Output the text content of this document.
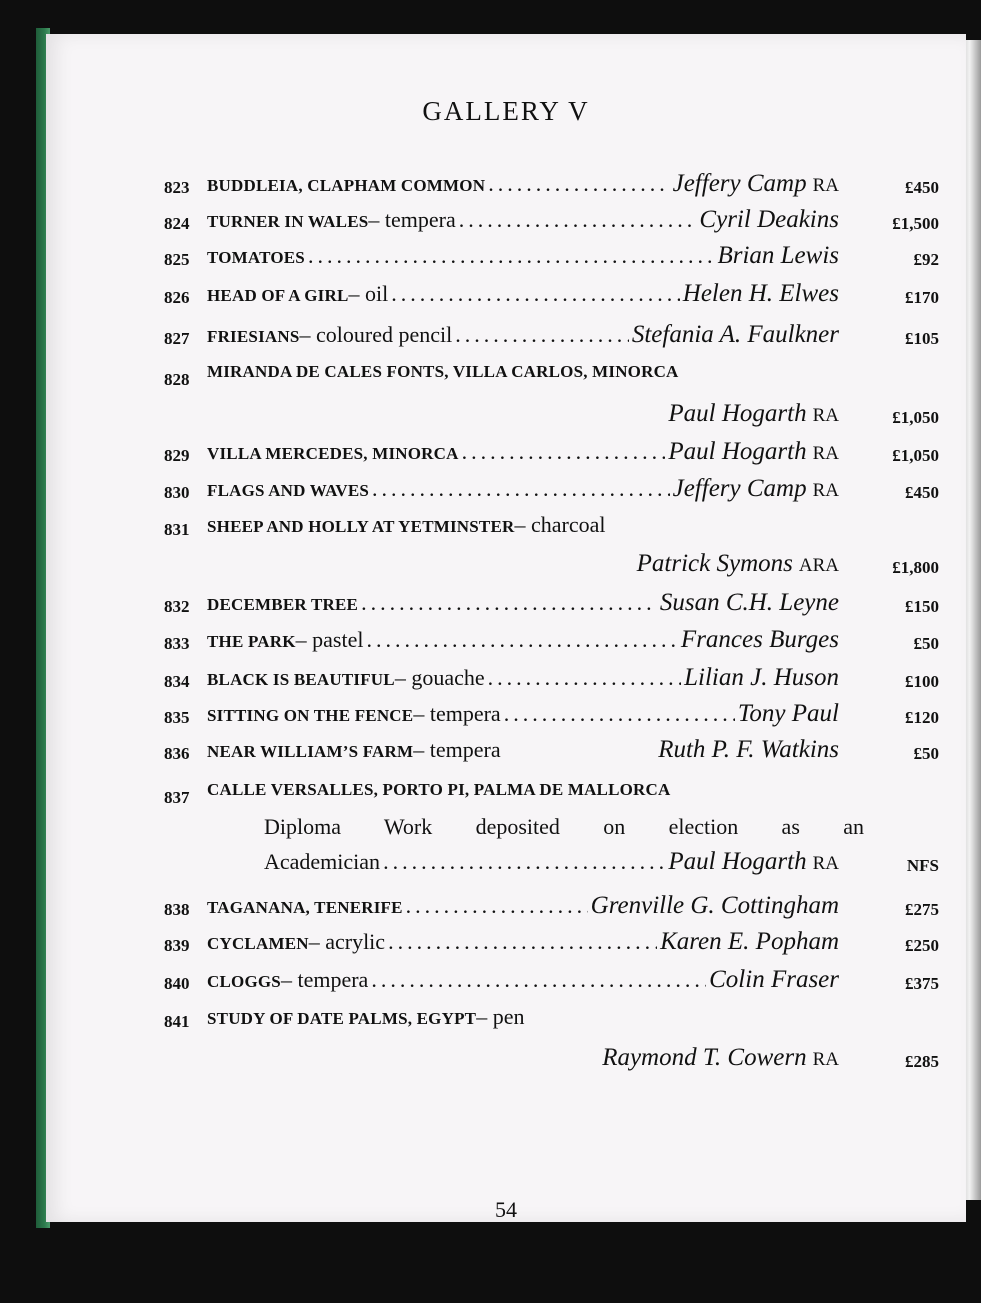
GALLERY V
823 BUDDLEIA, CLAPHAM COMMON .....	Jeffery Camp RA	£450
824 TURNER IN WALES – tempera .....	Cyril Deakins	£1,500
825 TOMATOES .....	Brian Lewis	£92
826 HEAD OF A GIRL – oil .....	Helen H. Elwes	£170
827 FRIESIANS – coloured pencil .....	Stefania A. Faulkner	£105
828 MIRANDA DE CALES FONTS, VILLA CARLOS, MINORCA
Paul Hogarth RA	£1,050
829 VILLA MERCEDES, MINORCA .....	Paul Hogarth RA	£1,050
830 FLAGS AND WAVES .....	Jeffery Camp RA	£450
831 SHEEP AND HOLLY AT YETMINSTER – charcoal
Patrick Symons ARA	£1,800
832 DECEMBER TREE .....	Susan C.H. Leyne	£150
833 THE PARK – pastel .....	Frances Burges	£50
834 BLACK IS BEAUTIFUL – gouache .....	Lilian J. Huson	£100
835 SITTING ON THE FENCE – tempera .....	Tony Paul	£120
836 NEAR WILLIAM’S FARM – tempera	Ruth P. F. Watkins	£50
837 CALLE VERSALLES, PORTO PI, PALMA DE MALLORCA
Diploma Work deposited on election as an
Academician .....	Paul Hogarth RA	NFS
838 TAGANANA, TENERIFE .....	Grenville G. Cottingham	£275
839 CYCLAMEN – acrylic .....	Karen E. Popham	£250
840 CLOGGS – tempera .....	Colin Fraser	£375
841 STUDY OF DATE PALMS, EGYPT – pen
Raymond T. Cowern RA	£285
54
